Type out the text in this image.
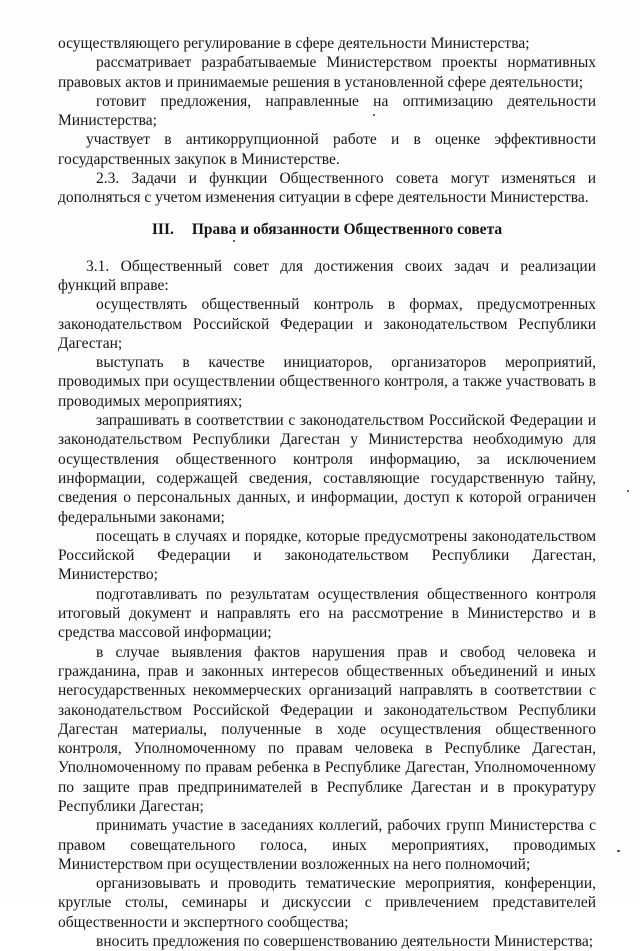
осуществляющего регулирование в сфере деятельности Министерства;

рассматривает разрабатываемые Министерством проекты нормативных правовых актов и принимаемые решения в установленной сфере деятельности;

готовит предложения, направленные на оптимизацию деятельности Министерства;

участвует в антикоррупционной работе и в оценке эффективности государственных закупок в Министерстве.

2.3. Задачи и функции Общественного совета могут изменяться и дополняться с учетом изменения ситуации в сфере деятельности Министерства.

III. Права и обязанности Общественного совета

3.1. Общественный совет для достижения своих задач и реализации функций вправе:

осуществлять общественный контроль в формах, предусмотренных законодательством Российской Федерации и законодательством Республики Дагестан;

выступать в качестве инициаторов, организаторов мероприятий, проводимых при осуществлении общественного контроля, а также участвовать в проводимых мероприятиях;

запрашивать в соответствии с законодательством Российской Федерации и законодательством Республики Дагестан у Министерства необходимую для осуществления общественного контроля информацию, за исключением информации, содержащей сведения, составляющие государственную тайну, сведения о персональных данных, и информации, доступ к которой ограничен федеральными законами;

посещать в случаях и порядке, которые предусмотрены законодательством Российской Федерации и законодательством Республики Дагестан, Министерство;

подготавливать по результатам осуществления общественного контроля итоговый документ и направлять его на рассмотрение в Министерство и в средства массовой информации;

в случае выявления фактов нарушения прав и свобод человека и гражданина, прав и законных интересов общественных объединений и иных негосударственных некоммерческих организаций направлять в соответствии с законодательством Российской Федерации и законодательством Республики Дагестан материалы, полученные в ходе осуществления общественного контроля, Уполномоченному по правам человека в Республике Дагестан, Уполномоченному по правам ребенка в Республике Дагестан, Уполномоченному по защите прав предпринимателей в Республике Дагестан и в прокуратуру Республики Дагестан;

принимать участие в заседаниях коллегий, рабочих групп Министерства с правом совещательного голоса, иных мероприятиях, проводимых Министерством при осуществлении возложенных на него полномочий;

организовывать и проводить тематические мероприятия, конференции, круглые столы, семинары и дискуссии с привлечением представителей общественности и экспертного сообщества;

вносить предложения по совершенствованию деятельности Министерства;
